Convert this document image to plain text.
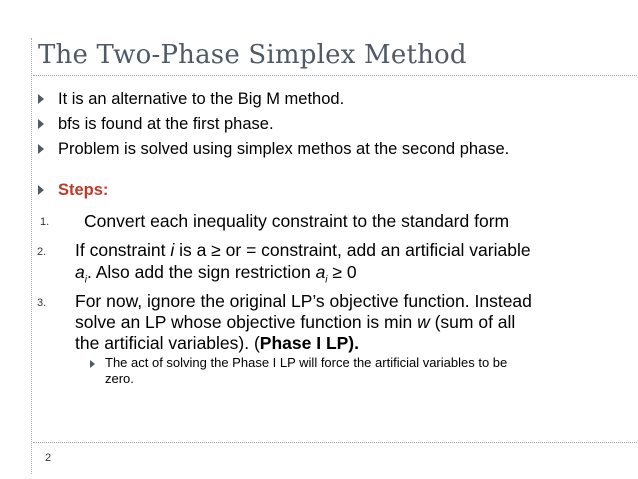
The Two-Phase Simplex Method
It is an alternative to the Big M method.
bfs is found at the first phase.
Problem is solved using simplex methos at the second phase.
Steps:
1. Convert each inequality constraint to the standard form
2. If constraint i is a ≥ or = constraint, add an artificial variable
$a_i$. Also add the sign restriction $a_i \ge 0$
3. For now, ignore the original LP’s objective function. Instead
solve an LP whose objective function is min w (sum of all
the artificial variables). (Phase I LP).
The act of solving the Phase I LP will force the artificial variables to be
zero.
2
